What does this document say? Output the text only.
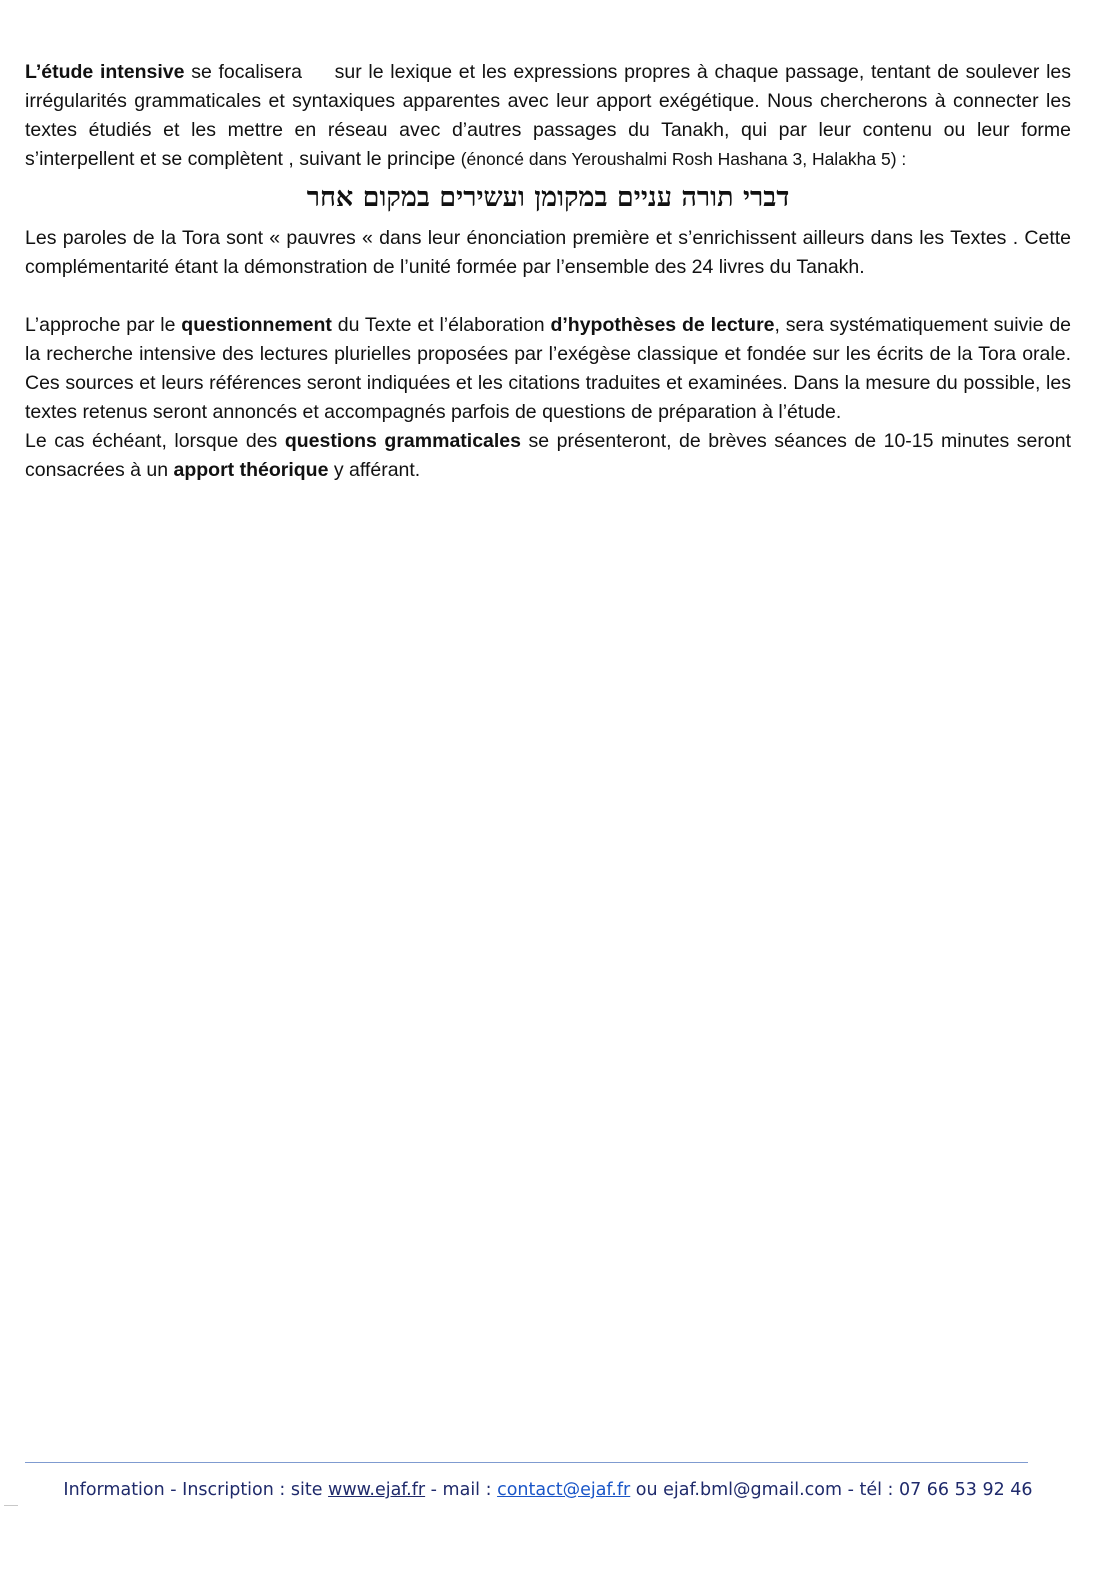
L’étude intensive se focalisera sur le lexique et les expressions propres à chaque passage, tentant de soulever les irrégularités grammaticales et syntaxiques apparentes avec leur apport exégétique. Nous chercherons à connecter les textes étudiés et les mettre en réseau avec d’autres passages du Tanakh, qui par leur contenu ou leur forme s’interpellent et se complètent , suivant le principe (énoncé dans Yeroushalmi Rosh Hashana 3, Halakha 5) :

דברי תורה עניים במקומן ועשירים במקום אחר

Les paroles de la Tora sont « pauvres « dans leur énonciation première et s’enrichissent ailleurs dans les Textes . Cette complémentarité étant la démonstration de l’unité formée par l’ensemble des 24 livres du Tanakh.

L’approche par le questionnement du Texte et l’élaboration d’hypothèses de lecture, sera systématiquement suivie de la recherche intensive des lectures plurielles proposées par l’exégèse classique et fondée sur les écrits de la Tora orale. Ces sources et leurs références seront indiquées et les citations traduites et examinées. Dans la mesure du possible, les textes retenus seront annoncés et accompagnés parfois de questions de préparation à l’étude.

Le cas échéant, lorsque des questions grammaticales se présenteront, de brèves séances de 10-15 minutes seront consacrées à un apport théorique y afférant.

Information - Inscription : site www.ejaf.fr - mail : contact@ejaf.fr ou ejaf.bml@gmail.com - tél : 07 66 53 92 46
